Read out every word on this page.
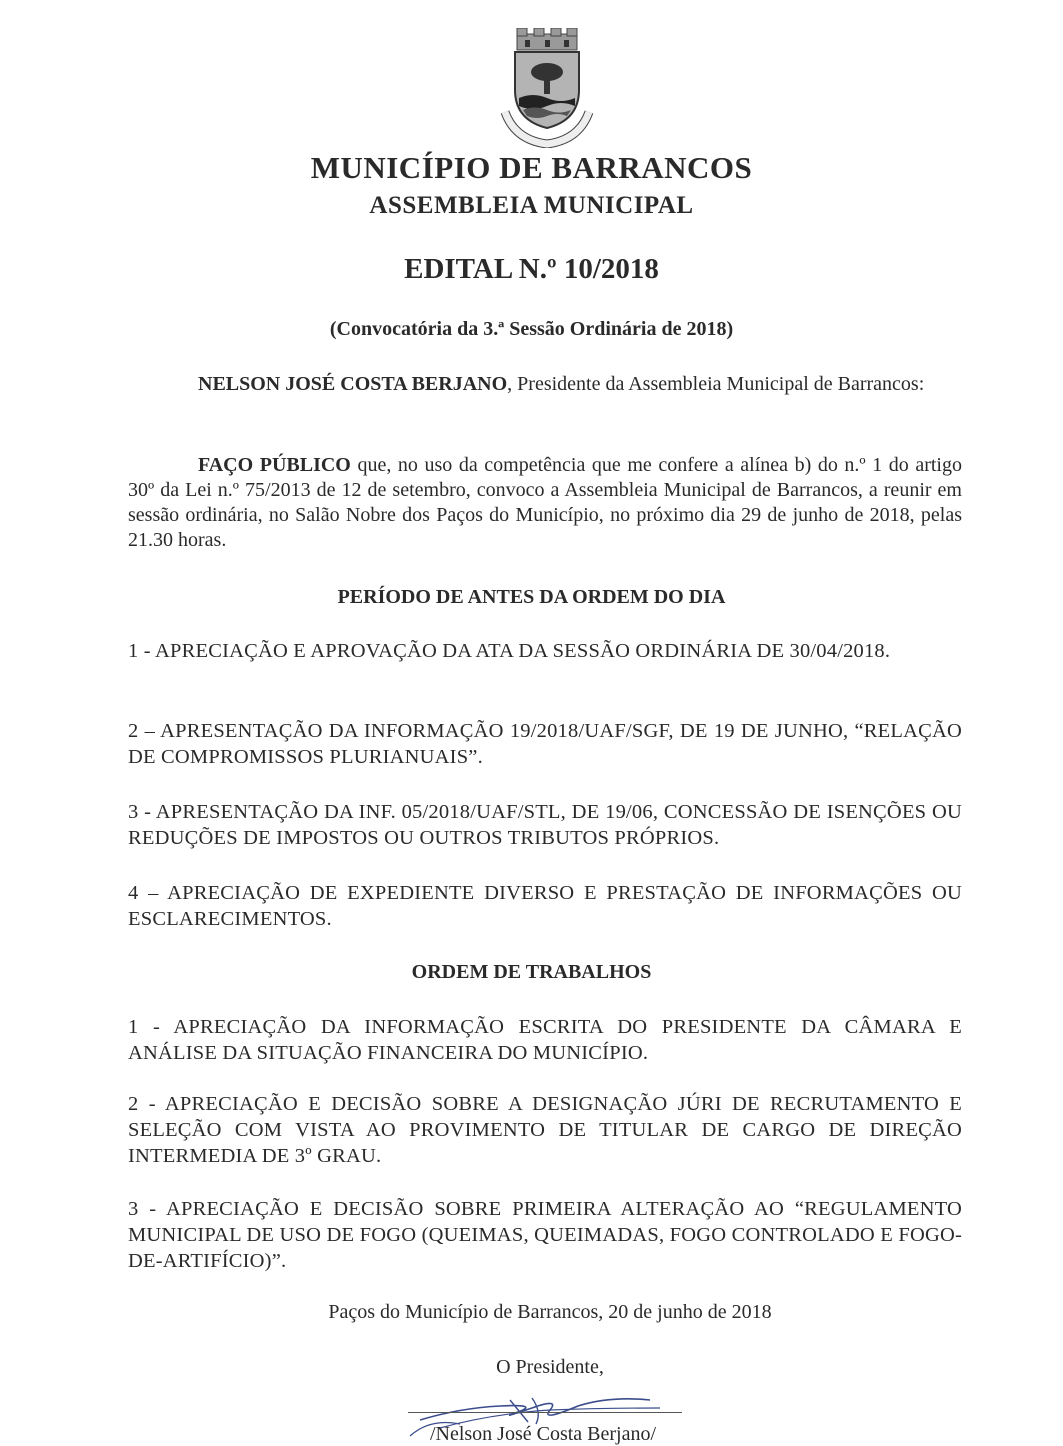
MUNICÍPIO DE BARRANCOS
ASSEMBLEIA MUNICIPAL
EDITAL N.º 10/2018
(Convocatória da 3.ª Sessão Ordinária de 2018)
NELSON JOSÉ COSTA BERJANO, Presidente da Assembleia Municipal de Barrancos:
FAÇO PÚBLICO que, no uso da competência que me confere a alínea b) do n.º 1 do artigo 30º da Lei n.º 75/2013 de 12 de setembro, convoco a Assembleia Municipal de Barrancos, a reunir em sessão ordinária, no Salão Nobre dos Paços do Município, no próximo dia 29 de junho de 2018, pelas 21.30 horas.
PERÍODO DE ANTES DA ORDEM DO DIA
1 - APRECIAÇÃO E APROVAÇÃO DA ATA DA SESSÃO ORDINÁRIA DE 30/04/2018.
2 – APRESENTAÇÃO DA INFORMAÇÃO 19/2018/UAF/SGF, DE 19 DE JUNHO, “RELAÇÃO DE COMPROMISSOS PLURIANUAIS”.
3 - APRESENTAÇÃO DA INF. 05/2018/UAF/STL, DE 19/06, CONCESSÃO DE ISENÇÕES OU REDUÇÕES DE IMPOSTOS OU OUTROS TRIBUTOS PRÓPRIOS.
4 – APRECIAÇÃO DE EXPEDIENTE DIVERSO E PRESTAÇÃO DE INFORMAÇÕES OU ESCLARECIMENTOS.
ORDEM DE TRABALHOS
1 - APRECIAÇÃO DA INFORMAÇÃO ESCRITA DO PRESIDENTE DA CÂMARA E ANÁLISE DA SITUAÇÃO FINANCEIRA DO MUNICÍPIO.
2 - APRECIAÇÃO E DECISÃO SOBRE A DESIGNAÇÃO JÚRI DE RECRUTAMENTO E SELEÇÃO COM VISTA AO PROVIMENTO DE TITULAR DE CARGO DE DIREÇÃO INTERMEDIA DE 3º GRAU.
3 - APRECIAÇÃO E DECISÃO SOBRE PRIMEIRA ALTERAÇÃO AO “REGULAMENTO MUNICIPAL DE USO DE FOGO (QUEIMAS, QUEIMADAS, FOGO CONTROLADO E FOGO-DE-ARTIFÍCIO)”.
Paços do Município de Barrancos, 20 de junho de 2018
O Presidente,
/Nelson José Costa Berjano/
